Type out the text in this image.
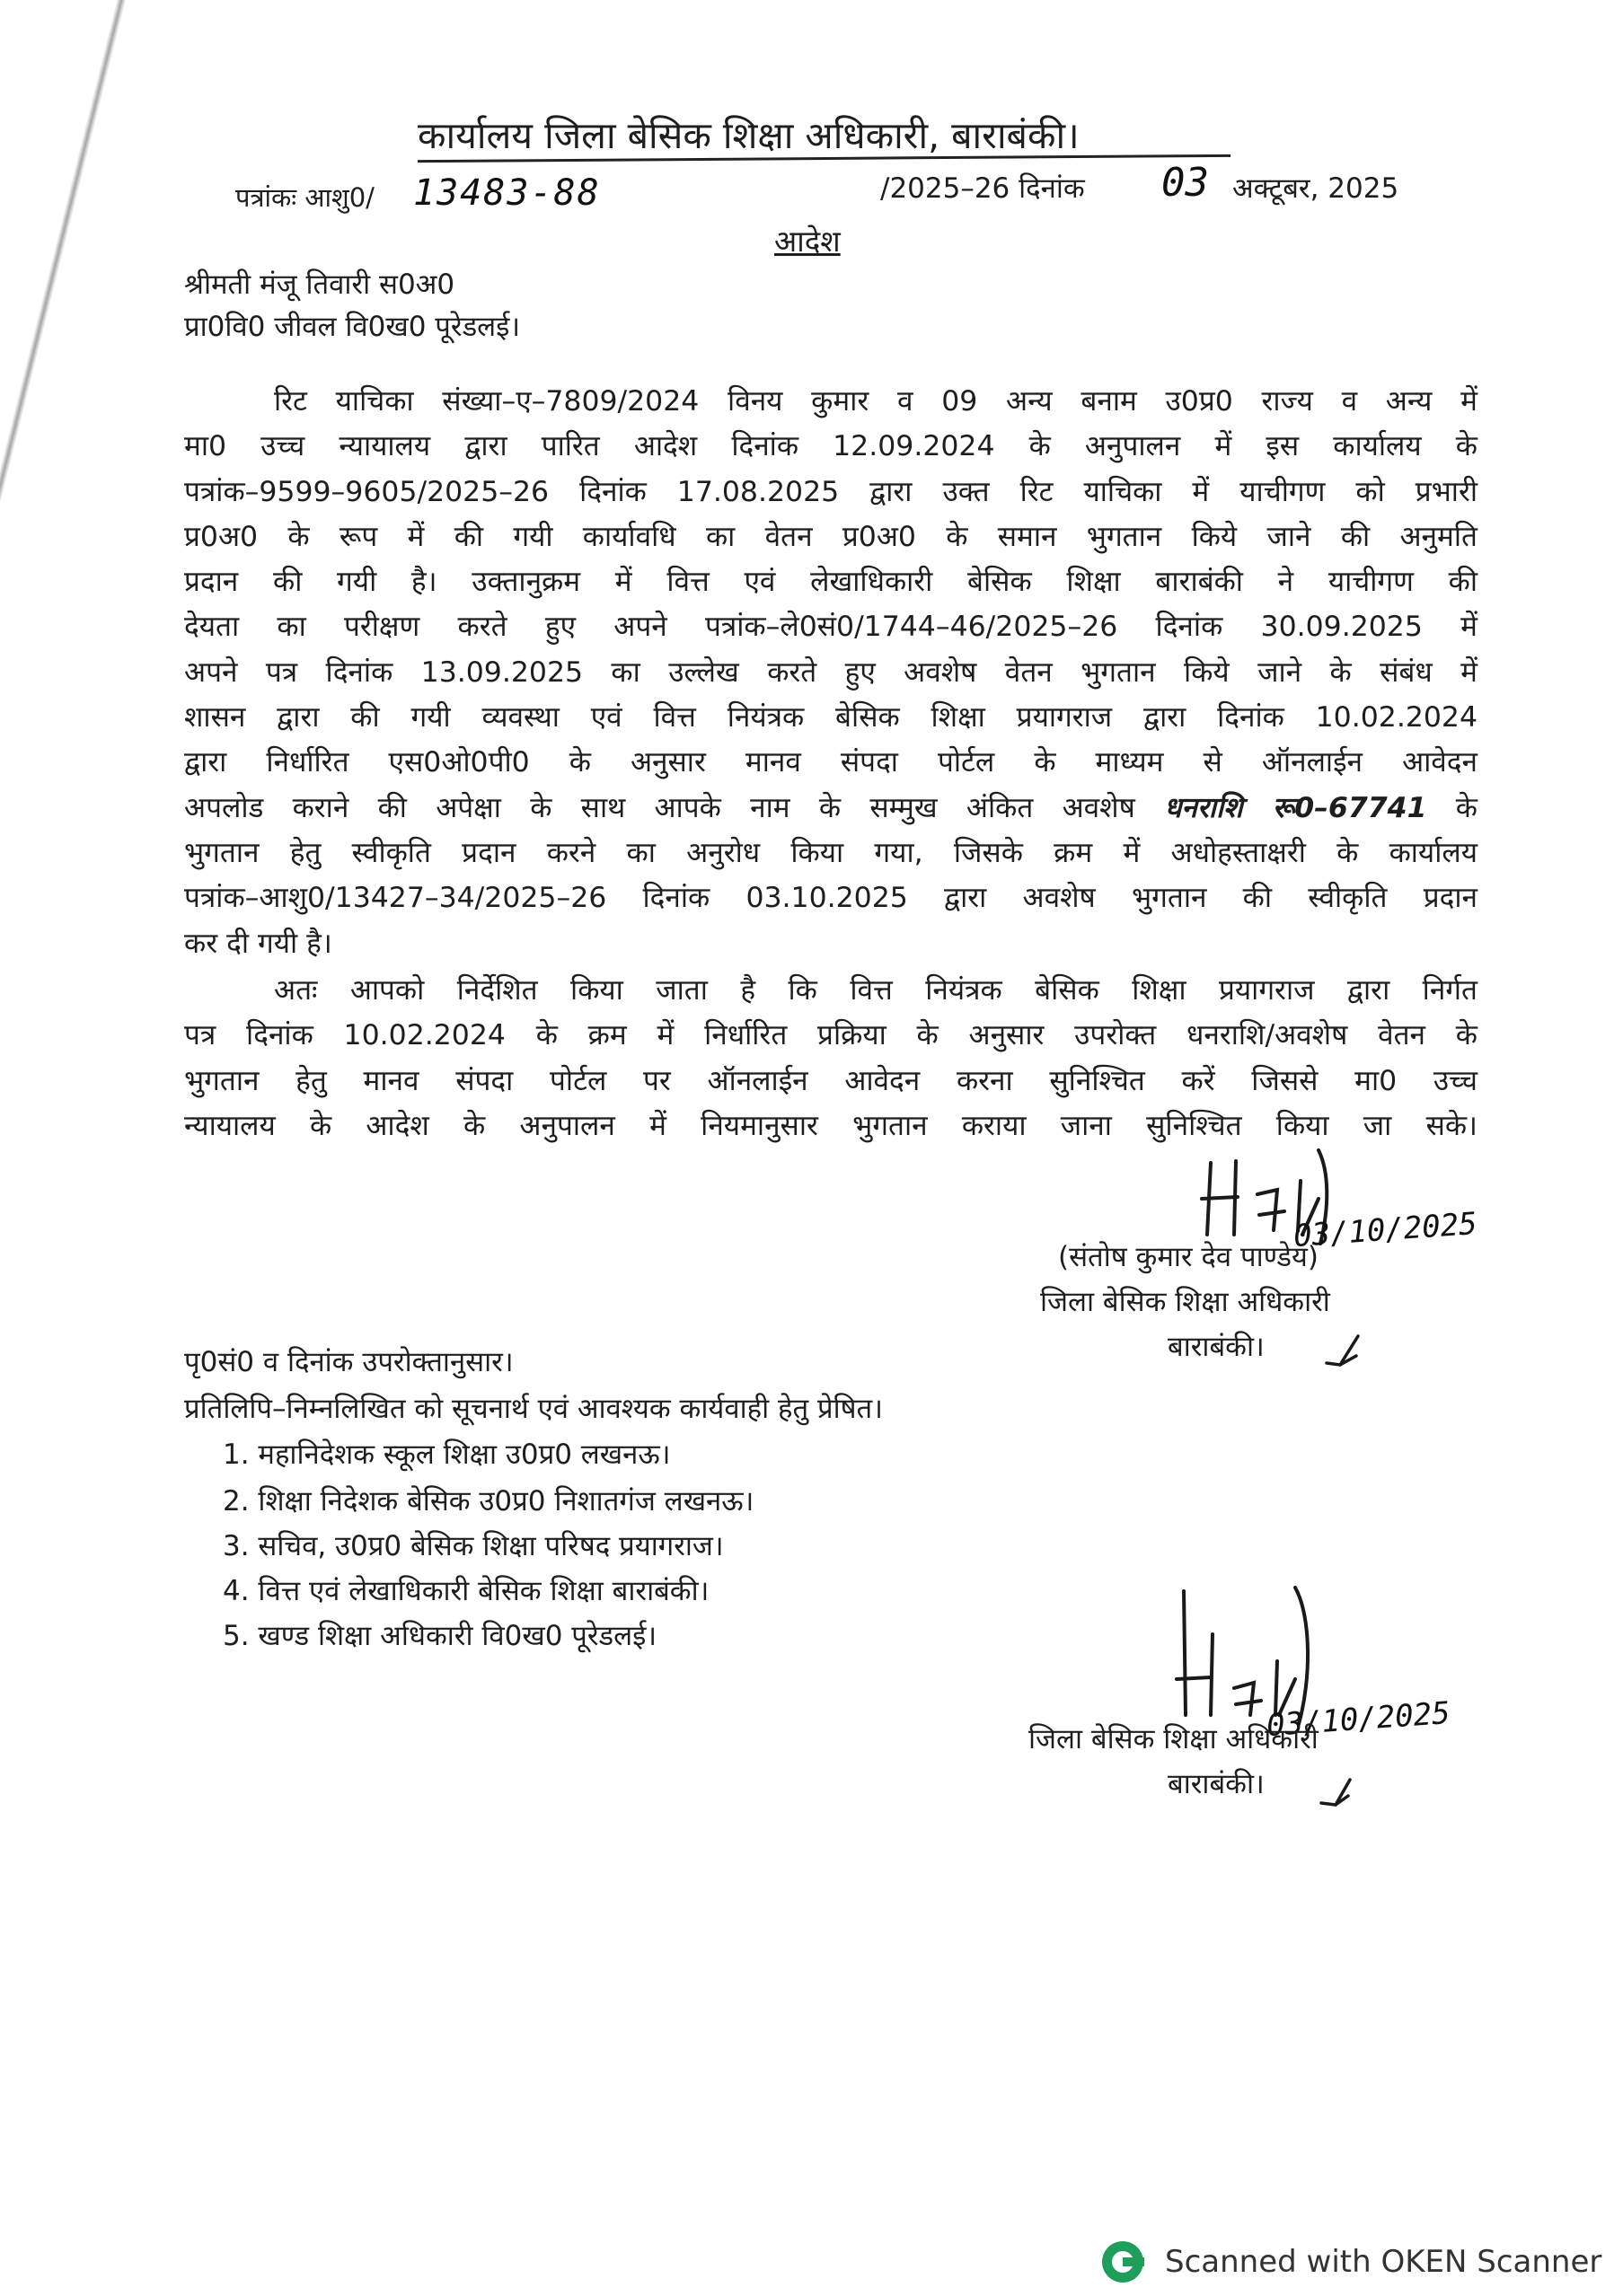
कार्यालय जिला बेसिक शिक्षा अधिकारी, बाराबंकी।
पत्रांकः आशु0/ 13483-88	/2025–26 दिनांक 03 अक्टूबर, 2025
आदेश
श्रीमती मंजू तिवारी स0अ0
प्रा0वि0 जीवल वि0ख0 पूरेडलई।
रिट याचिका संख्या–ए–7809/2024 विनय कुमार व 09 अन्य बनाम उ0प्र0 राज्य व अन्य में
मा0 उच्च न्यायालय द्वारा पारित आदेश दिनांक 12.09.2024 के अनुपालन में इस कार्यालय के
पत्रांक–9599–9605/2025–26 दिनांक 17.08.2025 द्वारा उक्त रिट याचिका में याचीगण को प्रभारी
प्र0अ0 के रूप में की गयी कार्यावधि का वेतन प्र0अ0 के समान भुगतान किये जाने की अनुमति
प्रदान की गयी है। उक्तानुक्रम में वित्त एवं लेखाधिकारी बेसिक शिक्षा बाराबंकी ने याचीगण की
देयता का परीक्षण करते हुए अपने पत्रांक–ले0सं0/1744–46/2025–26 दिनांक 30.09.2025 में
अपने पत्र दिनांक 13.09.2025 का उल्लेख करते हुए अवशेष वेतन भुगतान किये जाने के संबंध में
शासन द्वारा की गयी व्यवस्था एवं वित्त नियंत्रक बेसिक शिक्षा प्रयागराज द्वारा दिनांक 10.02.2024
द्वारा निर्धारित एस0ओ0पी0 के अनुसार मानव संपदा पोर्टल के माध्यम से ऑनलाईन आवेदन
अपलोड कराने की अपेक्षा के साथ आपके नाम के सम्मुख अंकित अवशेष धनराशि रू0–67741 के
भुगतान हेतु स्वीकृति प्रदान करने का अनुरोध किया गया, जिसके क्रम में अधोहस्ताक्षरी के कार्यालय
पत्रांक–आशु0/13427–34/2025–26 दिनांक 03.10.2025 द्वारा अवशेष भुगतान की स्वीकृति प्रदान
कर दी गयी है।
अतः आपको निर्देशित किया जाता है कि वित्त नियंत्रक बेसिक शिक्षा प्रयागराज द्वारा निर्गत
पत्र दिनांक 10.02.2024 के क्रम में निर्धारित प्रक्रिया के अनुसार उपरोक्त धनराशि/अवशेष वेतन के
भुगतान हेतु मानव संपदा पोर्टल पर ऑनलाईन आवेदन करना सुनिश्चित करें जिससे मा0 उच्च
न्यायालय के आदेश के अनुपालन में नियमानुसार भुगतान कराया जाना सुनिश्चित किया जा सके।
03/10/2025
(संतोष कुमार देव पाण्डेय)
जिला बेसिक शिक्षा अधिकारी
बाराबंकी।
पृ0सं0 व दिनांक उपरोक्तानुसार।
प्रतिलिपि–निम्नलिखित को सूचनार्थ एवं आवश्यक कार्यवाही हेतु प्रेषित।
1. महानिदेशक स्कूल शिक्षा उ0प्र0 लखनऊ।
2. शिक्षा निदेशक बेसिक उ0प्र0 निशातगंज लखनऊ।
3. सचिव, उ0प्र0 बेसिक शिक्षा परिषद प्रयागराज।
4. वित्त एवं लेखाधिकारी बेसिक शिक्षा बाराबंकी।
5. खण्ड शिक्षा अधिकारी वि0ख0 पूरेडलई।
03/10/2025
जिला बेसिक शिक्षा अधिकारी
बाराबंकी।
Scanned with OKEN Scanner
